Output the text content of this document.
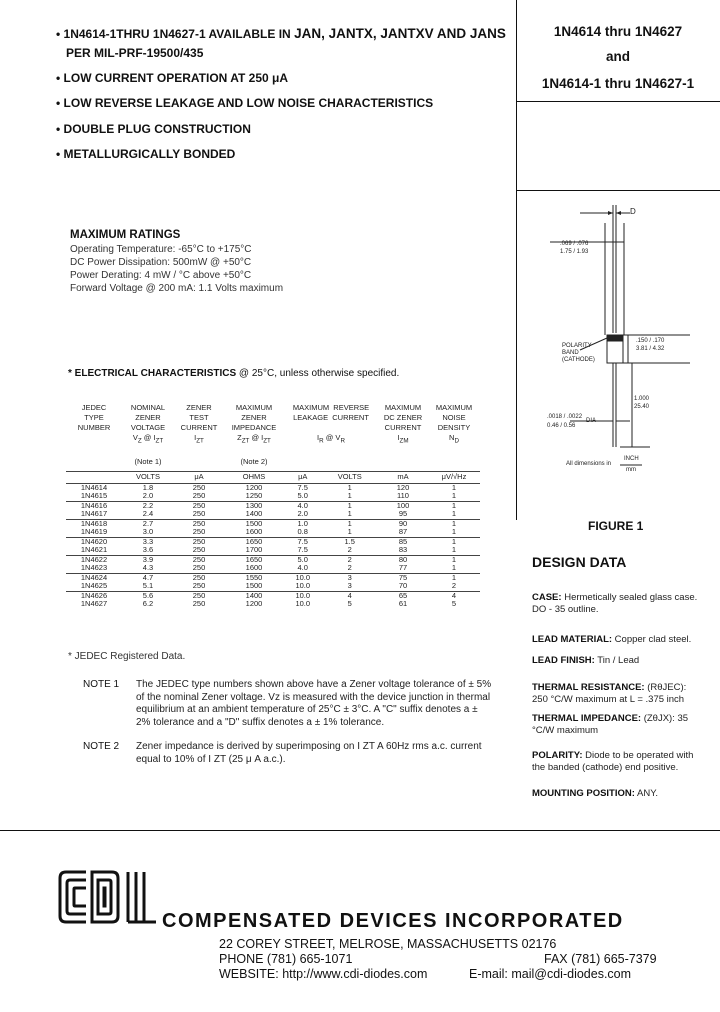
• 1N4614-1THRU 1N4627-1 AVAILABLE IN JAN, JANTX, JANTXV AND JANS
PER MIL-PRF-19500/435
• LOW CURRENT OPERATION AT 250 μA
• LOW REVERSE LEAKAGE AND LOW NOISE CHARACTERISTICS
• DOUBLE PLUG CONSTRUCTION
• METALLURGICALLY BONDED
1N4614 thru 1N4627
and
1N4614-1 thru 1N4627-1
MAXIMUM RATINGS
Operating Temperature: -65°C to +175°C
DC Power Dissipation: 500mW @ +50°C
Power Derating: 4 mW / °C above +50°C
Forward Voltage @ 200 mA: 1.1 Volts maximum
* ELECTRICAL CHARACTERISTICS @ 25°C, unless otherwise specified.
JEDEC
TYPE
NUMBER	NOMINAL
ZENER
VOLTAGE
$V_Z$ @ $I_{ZT}$

(Note 1)	ZENER
TEST
CURRENT
$I_{ZT}$	MAXIMUM
ZENER
IMPEDANCE
$Z_{ZT}$ @ $I_{ZT}$

(Note 2)	MAXIMUM  REVERSE
LEAKAGE  CURRENT

$I_R$ @ $V_R$		MAXIMUM
DC ZENER
CURRENT
$I_{ZM}$	MAXIMUM
NOISE
DENSITY
$N_D$

	VOLTS	μA	OHMS	μA	VOLTS	mA	μV/√Hz
1N4614	1.8	250	1200	7.5	1	120	1
1N4615	2.0	250	1250	5.0	1	110	1
1N4616	2.2	250	1300	4.0	1	100	1
1N4617	2.4	250	1400	2.0	1	95	1
1N4618	2.7	250	1500	1.0	1	90	1
1N4619	3.0	250	1600	0.8	1	87	1
1N4620	3.3	250	1650	7.5	1.5	85	1
1N4621	3.6	250	1700	7.5	2	83	1
1N4622	3.9	250	1650	5.0	2	80	1
1N4623	4.3	250	1600	4.0	2	77	1
1N4624	4.7	250	1550	10.0	3	75	1
1N4625	5.1	250	1500	10.0	3	70	2
1N4626	5.6	250	1400	10.0	4	65	4
1N4627	6.2	250	1200	10.0	5	61	5
* JEDEC Registered Data.
NOTE 1 The JEDEC type numbers shown above have a Zener voltage tolerance of ± 5% of the nominal Zener voltage. Vz is measured with the device junction in thermal equilibrium at an ambient temperature of 25°C ± 3°C. A "C" suffix denotes a ± 2% tolerance and a "D" suffix denotes a ± 1% tolerance.
NOTE 2 Zener impedance is derived by superimposing on I ZT A 60Hz rms a.c. current equal to 10% of I ZT (25 μ A a.c.).
D
.069 / .076
1.75 / 1.93
POLARITY
BAND
(CATHODE)
.150 / .170
3.81 / 4.32
1.000
25.40
.0018 / .0022
DIA
0.46 / 0.56
All dimensions in
INCH
mm
FIGURE 1
DESIGN DATA
CASE: Hermetically sealed glass case. DO - 35 outline.
LEAD MATERIAL: Copper clad steel.
LEAD FINISH: Tin / Lead
THERMAL RESISTANCE: (RθJEC): 250 °C/W maximum at L = .375 inch
THERMAL IMPEDANCE: (ZθJX): 35 °C/W maximum
POLARITY: Diode to be operated with the banded (cathode) end positive.
MOUNTING POSITION: ANY.
COMPENSATED DEVICES INCORPORATED
22 COREY STREET, MELROSE, MASSACHUSETTS 02176
PHONE (781) 665-1071	FAX (781) 665-7379
WEBSITE: http://www.cdi-diodes.com	E-mail: mail@cdi-diodes.com
